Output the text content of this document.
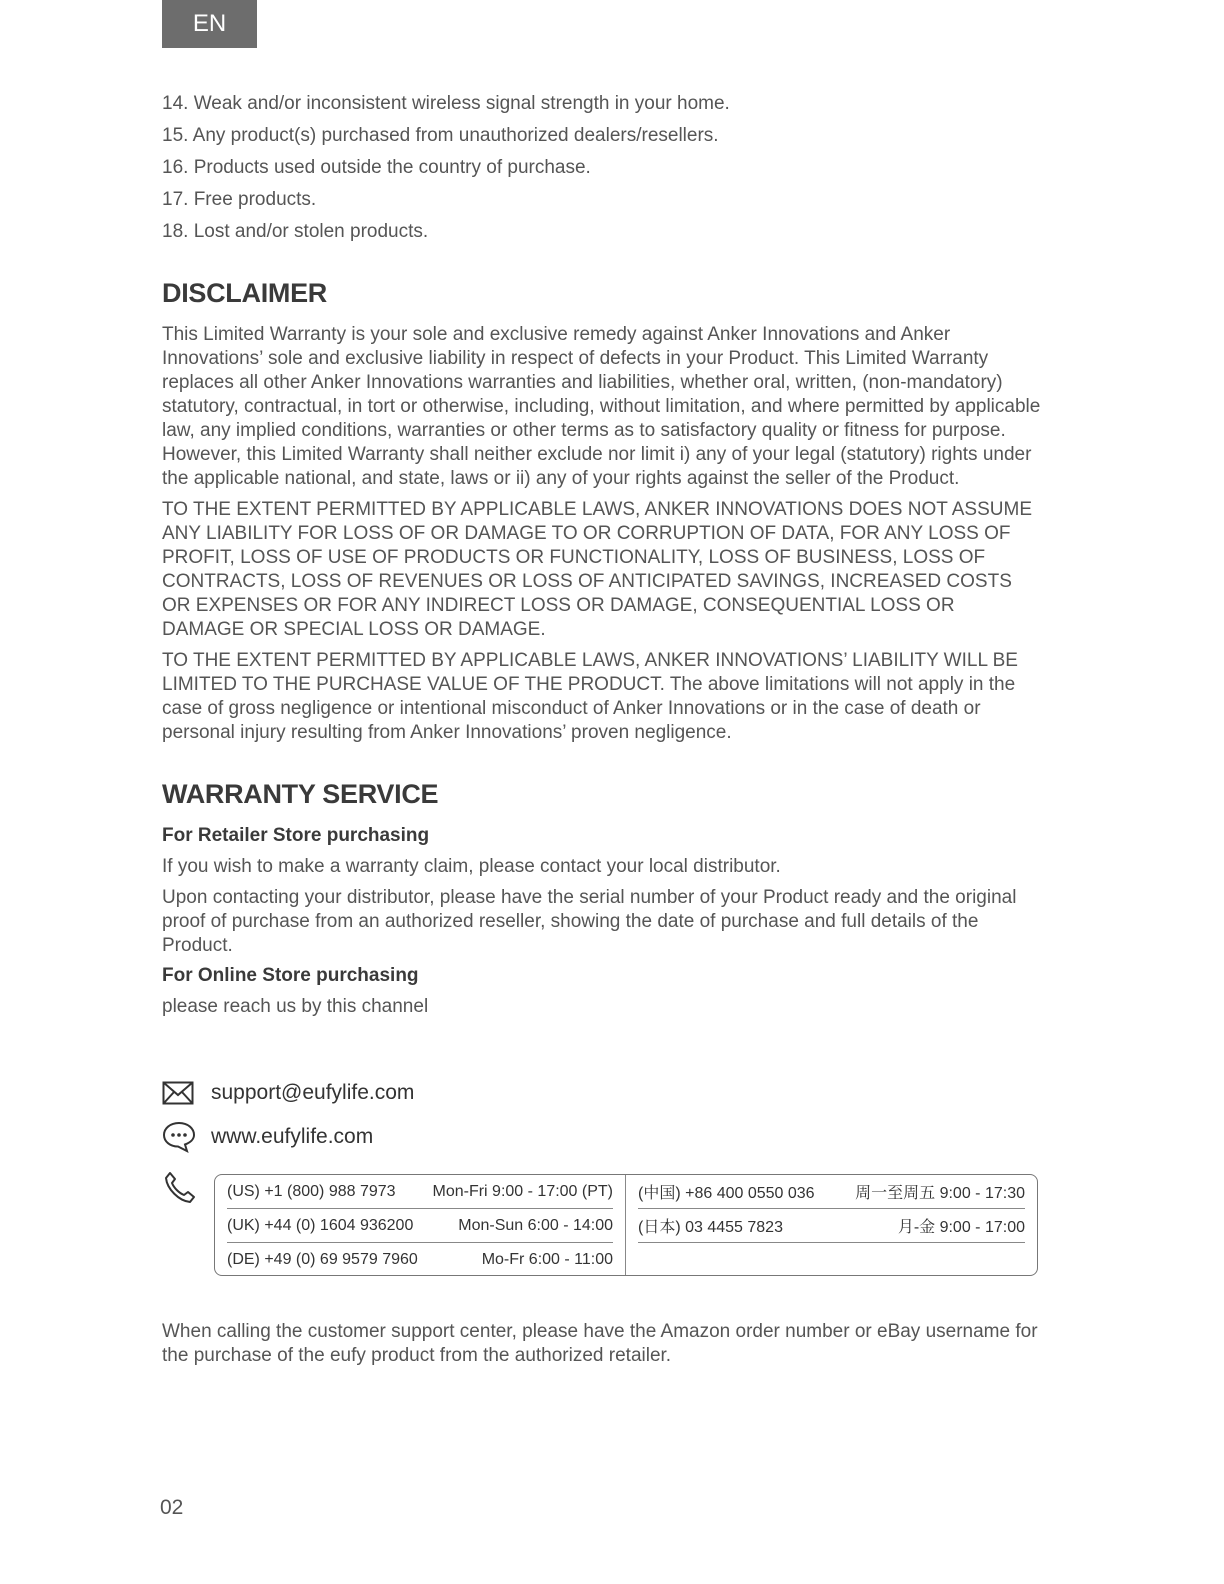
EN
14. Weak and/or inconsistent wireless signal strength in your home.
15. Any product(s) purchased from unauthorized dealers/resellers.
16. Products used outside the country of purchase.
17. Free products.
18. Lost and/or stolen products.
DISCLAIMER

This Limited Warranty is your sole and exclusive remedy against Anker Innovations and Anker Innovations’ sole and exclusive liability in respect of defects in your Product. This Limited Warranty replaces all other Anker Innovations warranties and liabilities, whether oral, written, (non-mandatory) statutory, contractual, in tort or otherwise, including, without limitation, and where permitted by applicable law, any implied conditions, warranties or other terms as to satisfactory quality or fitness for purpose. However, this Limited Warranty shall neither exclude nor limit i) any of your legal (statutory) rights under the applicable national, and state, laws or ii) any of your rights against the seller of the Product.

TO THE EXTENT PERMITTED BY APPLICABLE LAWS, ANKER INNOVATIONS DOES NOT ASSUME ANY LIABILITY FOR LOSS OF OR DAMAGE TO OR CORRUPTION OF DATA, FOR ANY LOSS OF PROFIT, LOSS OF USE OF PRODUCTS OR FUNCTIONALITY, LOSS OF BUSINESS, LOSS OF CONTRACTS, LOSS OF REVENUES OR LOSS OF ANTICIPATED SAVINGS, INCREASED COSTS OR EXPENSES OR FOR ANY INDIRECT LOSS OR DAMAGE, CONSEQUENTIAL LOSS OR DAMAGE OR SPECIAL LOSS OR DAMAGE.

TO THE EXTENT PERMITTED BY APPLICABLE LAWS, ANKER INNOVATIONS’ LIABILITY WILL BE LIMITED TO THE PURCHASE VALUE OF THE PRODUCT. The above limitations will not apply in the case of gross negligence or intentional misconduct of Anker Innovations or in the case of death or personal injury resulting from Anker Innovations’ proven negligence.

WARRANTY SERVICE
For Retailer Store purchasing

If you wish to make a warranty claim, please contact your local distributor.

Upon contacting your distributor, please have the serial number of your Product ready and the original proof of purchase from an authorized reseller, showing the date of purchase and full details of the Product.

For Online Store purchasing

please reach us by this channel

support@eufylife.com
www.eufylife.com
(US) +1 (800) 988 7973 Mon-Fri 9:00 - 17:00 (PT)
(UK) +44 (0) 1604 936200	Mon-Sun 6:00 - 14:00
(DE) +49 (0) 69 9579 7960	Mo-Fr 6:00 - 11:00
(中国) +86 400 0550 036	周一至周五 9:00 - 17:30
(日本) 03 4455 7823	月-金 9:00 - 17:00

When calling the customer support center, please have the Amazon order number or eBay username for the purchase of the eufy product from the authorized retailer.

02
